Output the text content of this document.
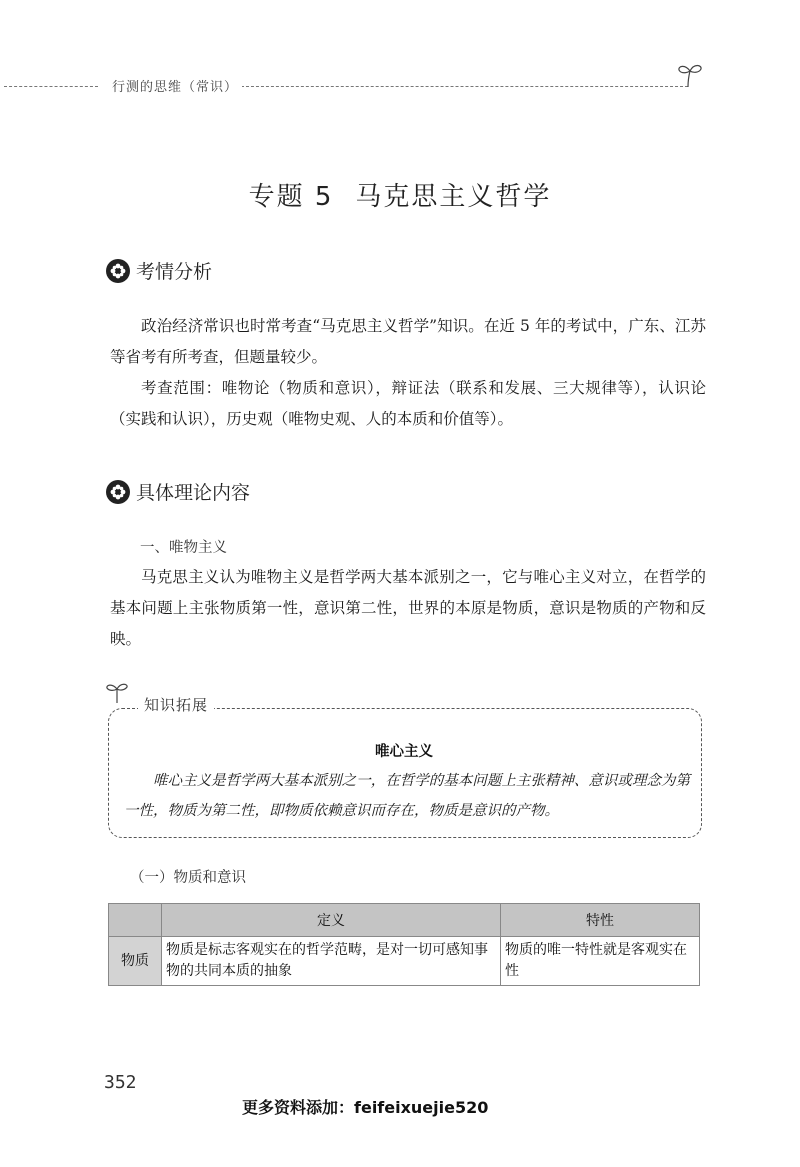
行测的思维（常识）
专题 5 马克思主义哲学
考情分析
政治经济常识也时常考查“马克思主义哲学”知识。在近 5 年的考试中，广东、江苏等省考有所考查，但题量较少。
考查范围：唯物论（物质和意识），辩证法（联系和发展、三大规律等），认识论（实践和认识），历史观（唯物史观、人的本质和价值等）。
具体理论内容
一、唯物主义
马克思主义认为唯物主义是哲学两大基本派别之一，它与唯心主义对立，在哲学的基本问题上主张物质第一性，意识第二性，世界的本原是物质，意识是物质的产物和反映。
知识拓展
唯心主义
唯心主义是哲学两大基本派别之一，在哲学的基本问题上主张精神、意识或理念为第一性，物质为第二性，即物质依赖意识而存在，物质是意识的产物。
（一）物质和意识
	定义	特性
物质	物质是标志客观实在的哲学范畴，是对一切可感知事物的共同本质的抽象	物质的唯一特性就是客观实在性
352
更多资料添加：feifeixuejie520
